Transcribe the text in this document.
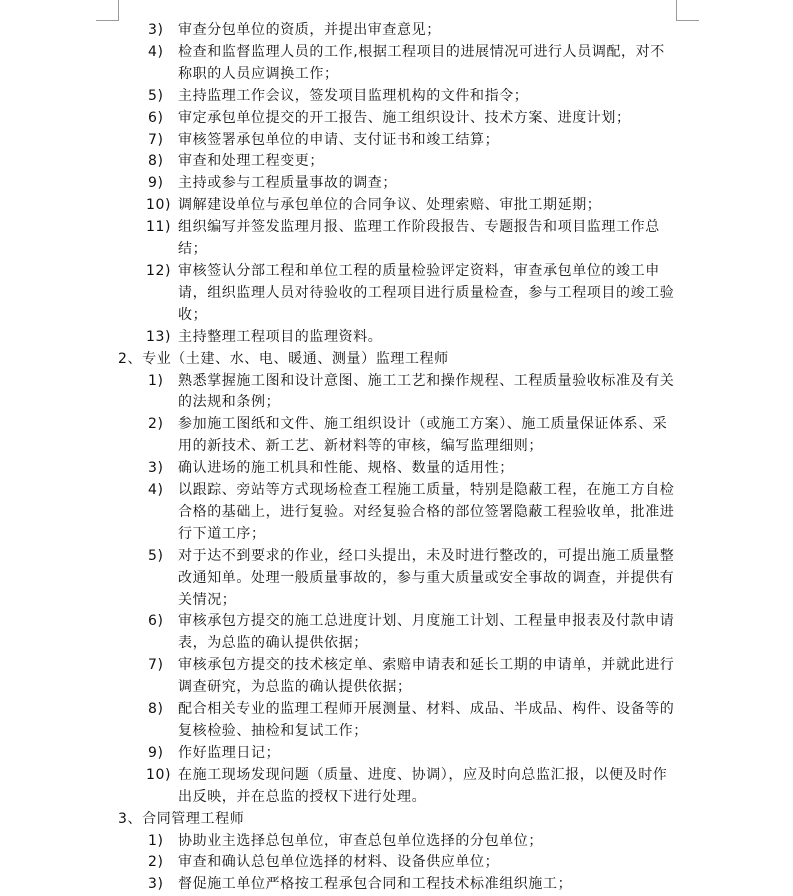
3) 审查分包单位的资质，并提出审查意见；
4) 检查和监督监理人员的工作,根据工程项目的进展情况可进行人员调配，对不称职的人员应调换工作；
5) 主持监理工作会议，签发项目监理机构的文件和指令；
6) 审定承包单位提交的开工报告、施工组织设计、技术方案、进度计划；
7) 审核签署承包单位的申请、支付证书和竣工结算；
8) 审查和处理工程变更；
9) 主持或参与工程质量事故的调查；
10) 调解建设单位与承包单位的合同争议、处理索赔、审批工期延期；
11) 组织编写并签发监理月报、监理工作阶段报告、专题报告和项目监理工作总结；
12) 审核签认分部工程和单位工程的质量检验评定资料，审查承包单位的竣工申请，组织监理人员对待验收的工程项目进行质量检查，参与工程项目的竣工验收；
13) 主持整理工程项目的监理资料。
2、专业（土建、水、电、暖通、测量）监理工程师
1) 熟悉掌握施工图和设计意图、施工工艺和操作规程、工程质量验收标准及有关的法规和条例；
2) 参加施工图纸和文件、施工组织设计（或施工方案）、施工质量保证体系、采用的新技术、新工艺、新材料等的审核，编写监理细则；
3) 确认进场的施工机具和性能、规格、数量的适用性；
4) 以跟踪、旁站等方式现场检查工程施工质量，特别是隐蔽工程，在施工方自检合格的基础上，进行复验。对经复验合格的部位签署隐蔽工程验收单，批准进行下道工序；
5) 对于达不到要求的作业，经口头提出，未及时进行整改的，可提出施工质量整改通知单。处理一般质量事故的，参与重大质量或安全事故的调查，并提供有关情况；
6) 审核承包方提交的施工总进度计划、月度施工计划、工程量申报表及付款申请表，为总监的确认提供依据；
7) 审核承包方提交的技术核定单、索赔申请表和延长工期的申请单，并就此进行调查研究，为总监的确认提供依据；
8) 配合相关专业的监理工程师开展测量、材料、成品、半成品、构件、设备等的复核检验、抽检和复试工作；
9) 作好监理日记；
10) 在施工现场发现问题（质量、进度、协调），应及时向总监汇报，以便及时作出反映，并在总监的授权下进行处理。
3、合同管理工程师
1) 协助业主选择总包单位，审查总包单位选择的分包单位；
2) 审查和确认总包单位选择的材料、设备供应单位；
3) 督促施工单位严格按工程承包合同和工程技术标准组织施工；
